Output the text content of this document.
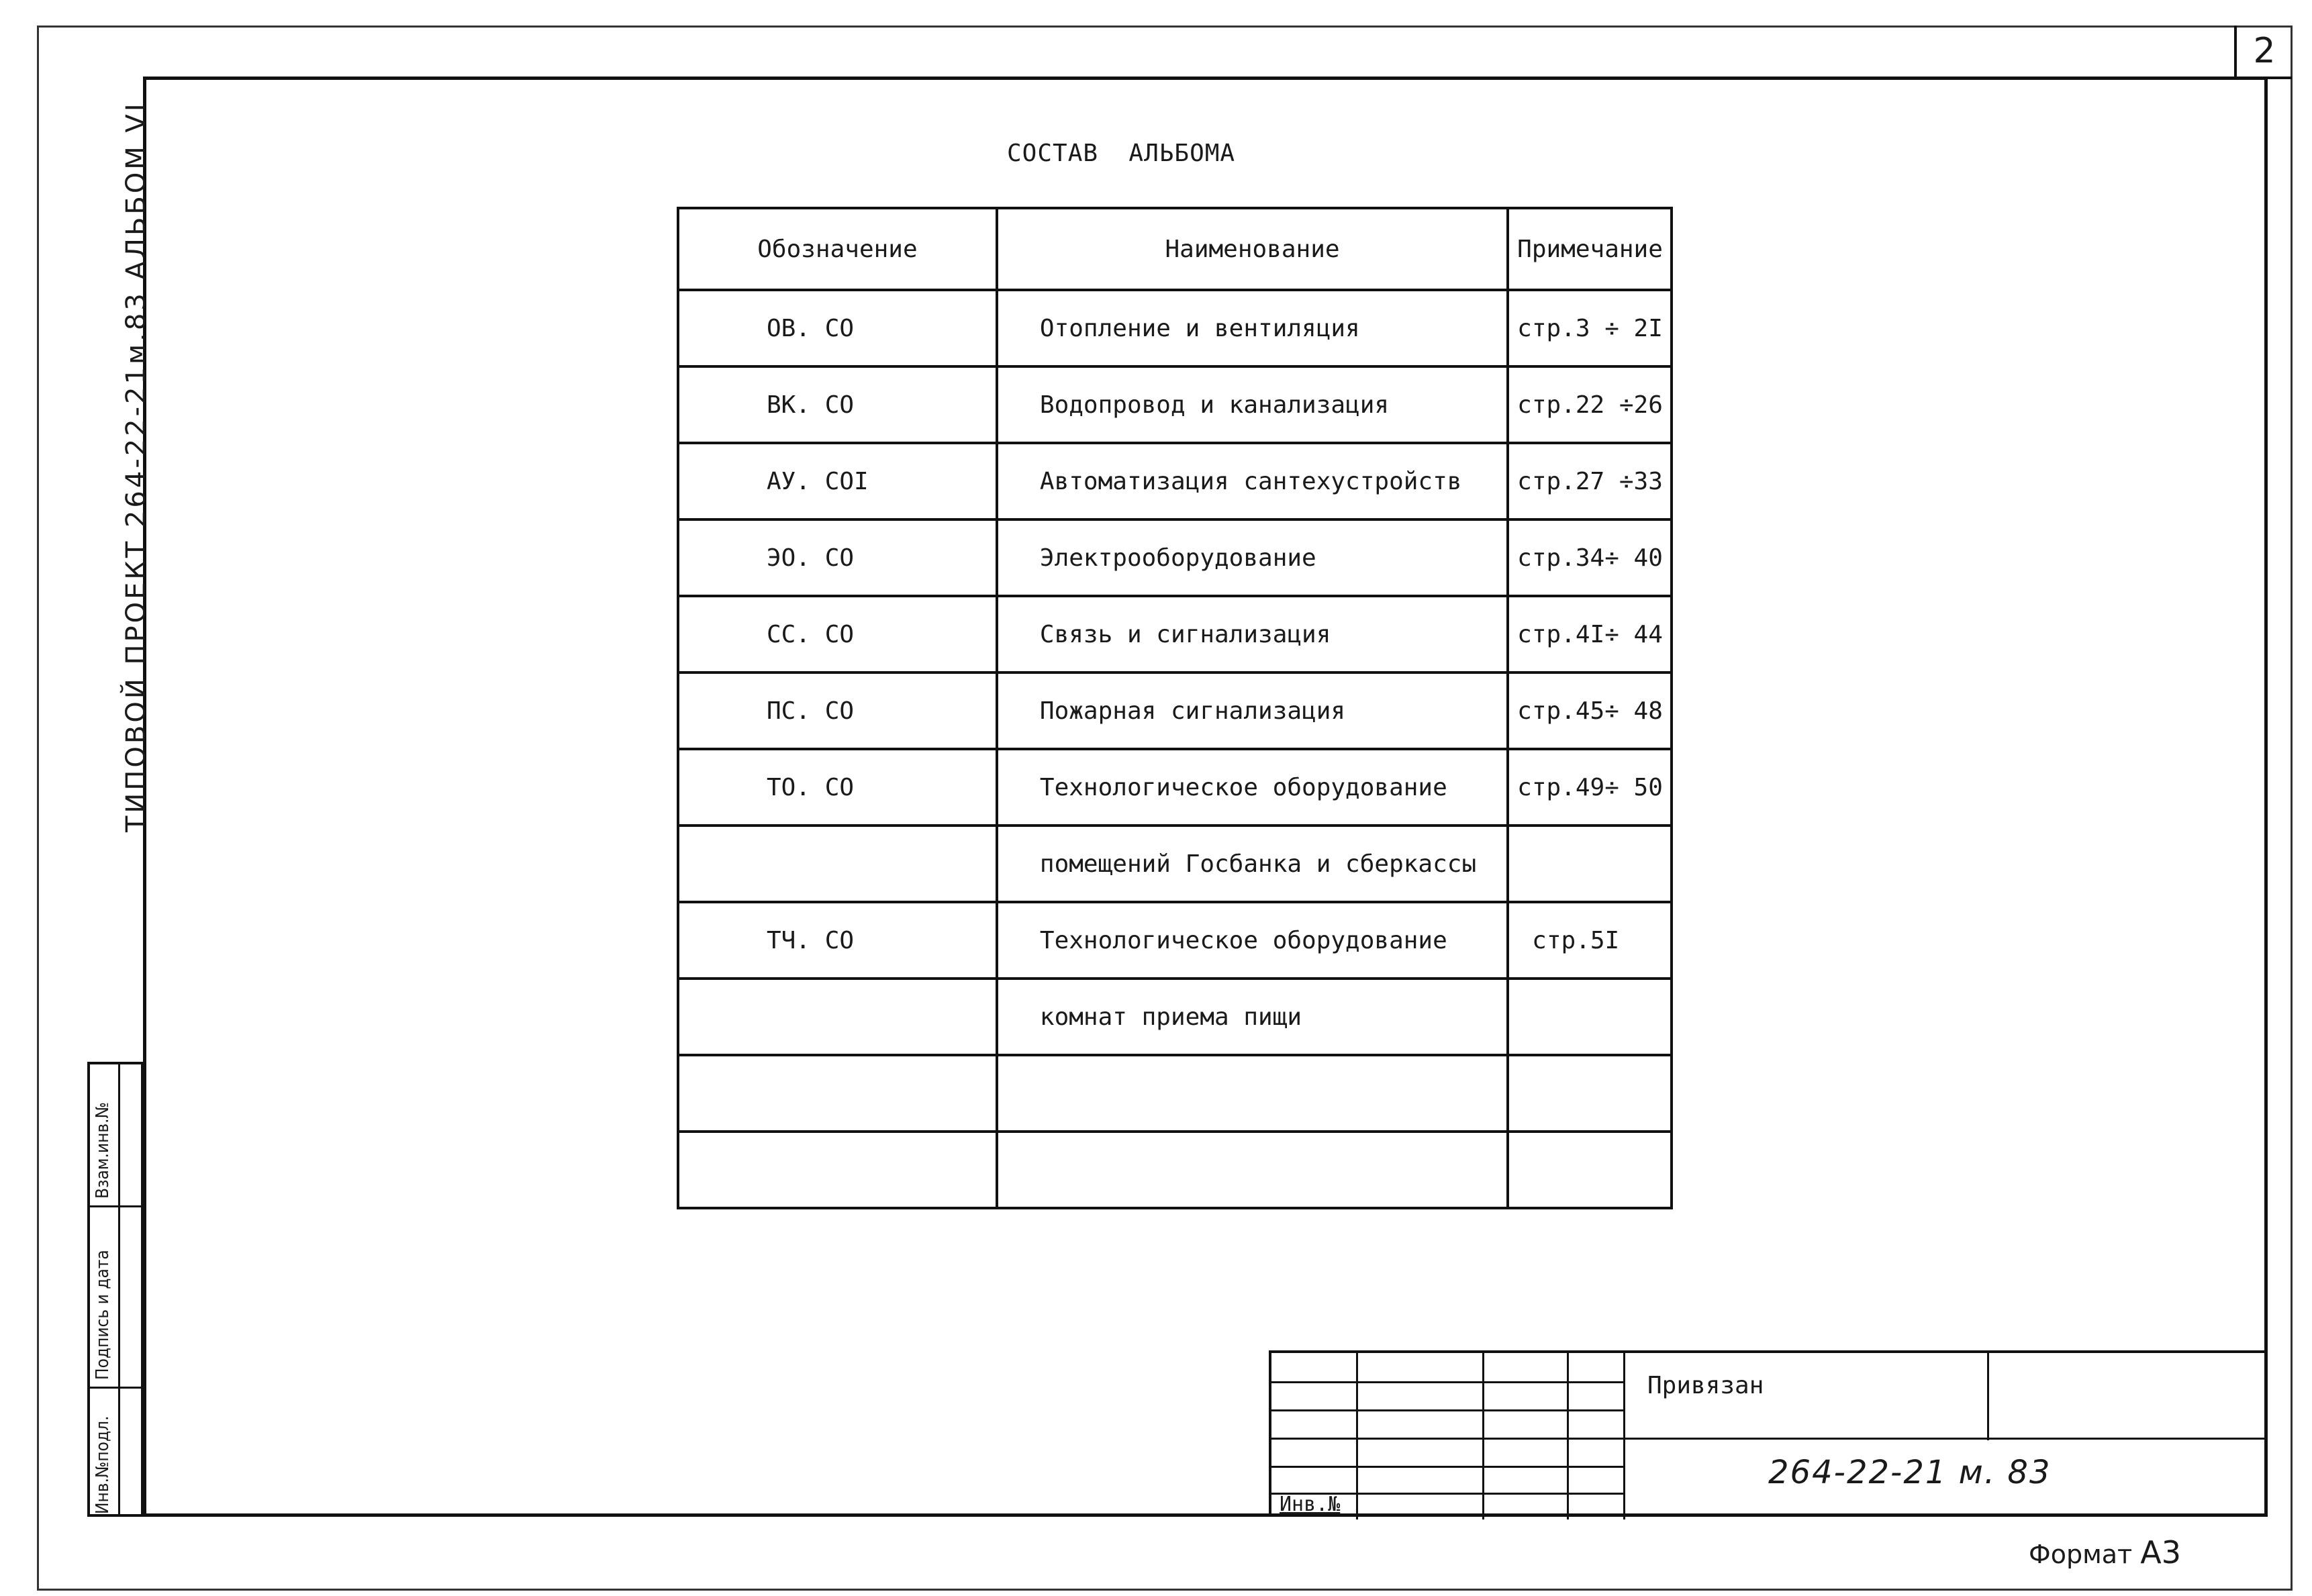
2
ТИПОВОЙ ПРОЕКТ 264-22-21м.83 АЛЬБОМ VI
Взам.инв.№
Подпись и дата
Инв.№подл.
СОСТАВ  АЛЬБОМА
Обозначение	Наименование	Примечание
ОВ. СО	Отопление и вентиляция	стр.3 ÷ 2I
ВК. СО	Водопровод и канализация	стр.22 ÷26
АУ. СОI	Автоматизация сантехустройств	стр.27 ÷33
ЭО. СО	Электрооборудование	стр.34÷ 40
СС. СО	Связь и сигнализация	стр.4I÷ 44
ПС. СО	Пожарная сигнализация	стр.45÷ 48
ТО. СО	Технологическое оборудование	стр.49÷ 50
	помещений Госбанка и сберкассы	
ТЧ. СО	Технологическое оборудование	стр.5I
	комнат приема пищи	

Привязан
264-22-21 м. 83
Инв.№
Формат А3
